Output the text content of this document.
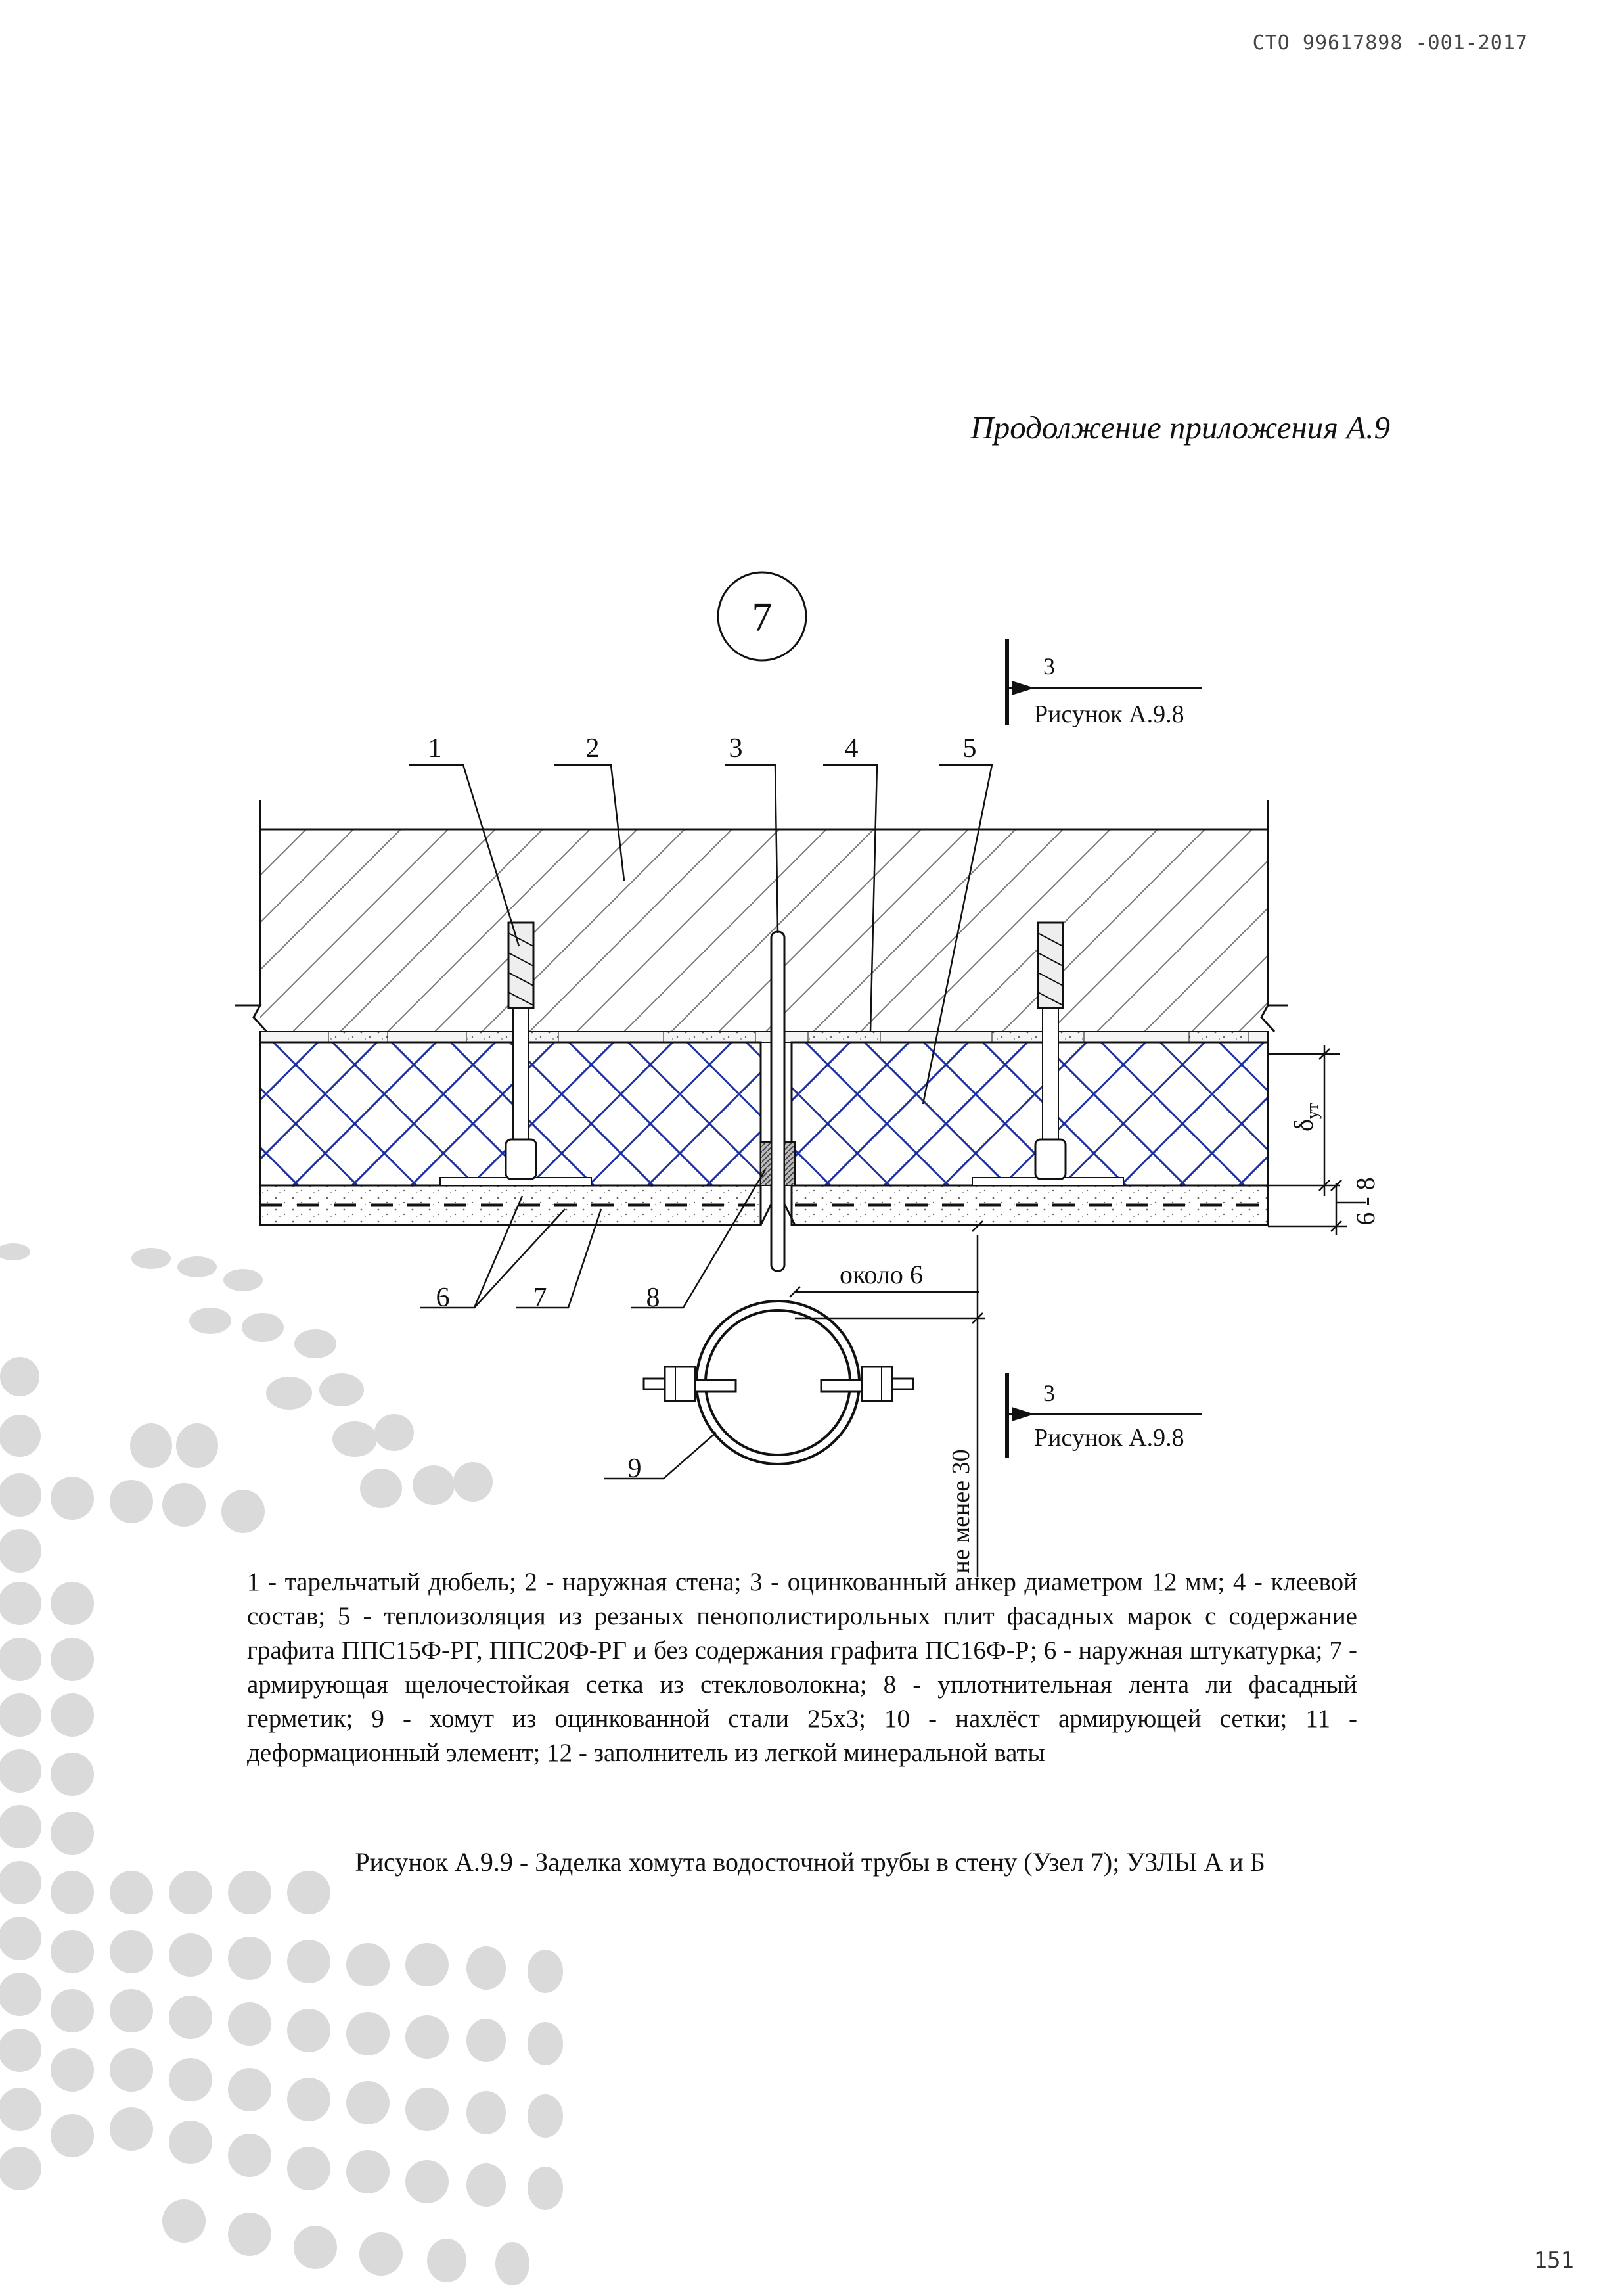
СТО 99617898 -001-2017
Продолжение приложения А.9
7
3
Рисунок А.9.8
1	2	3	4	5
6	7	8
9
$\delta_{ут}$
6 - 8
около 6
не менее 30
3
Рисунок А.9.8
1 - тарельчатый дюбель; 2 - наружная стена; 3 - оцинкованный анкер диаметром 12 мм; 4 - клеевой состав; 5 - теплоизоляция из резаных пенополистирольных плит фасадных марок с содержание графита ППС15Ф-РГ, ППС20Ф-РГ и без содержания графита ПС16Ф-Р; 6 - наружная штукатурка; 7 - армирующая щелочестойкая сетка из стекловолокна; 8 - уплотнительная лента ли фасадный герметик; 9 - хомут из оцинкованной стали 25х3; 10 - нахлёст армирующей сетки; 11 - деформационный элемент; 12 - заполнитель из легкой минеральной ваты
Рисунок А.9.9 - Заделка хомута водосточной трубы в стену (Узел 7); УЗЛЫ А и Б
151
